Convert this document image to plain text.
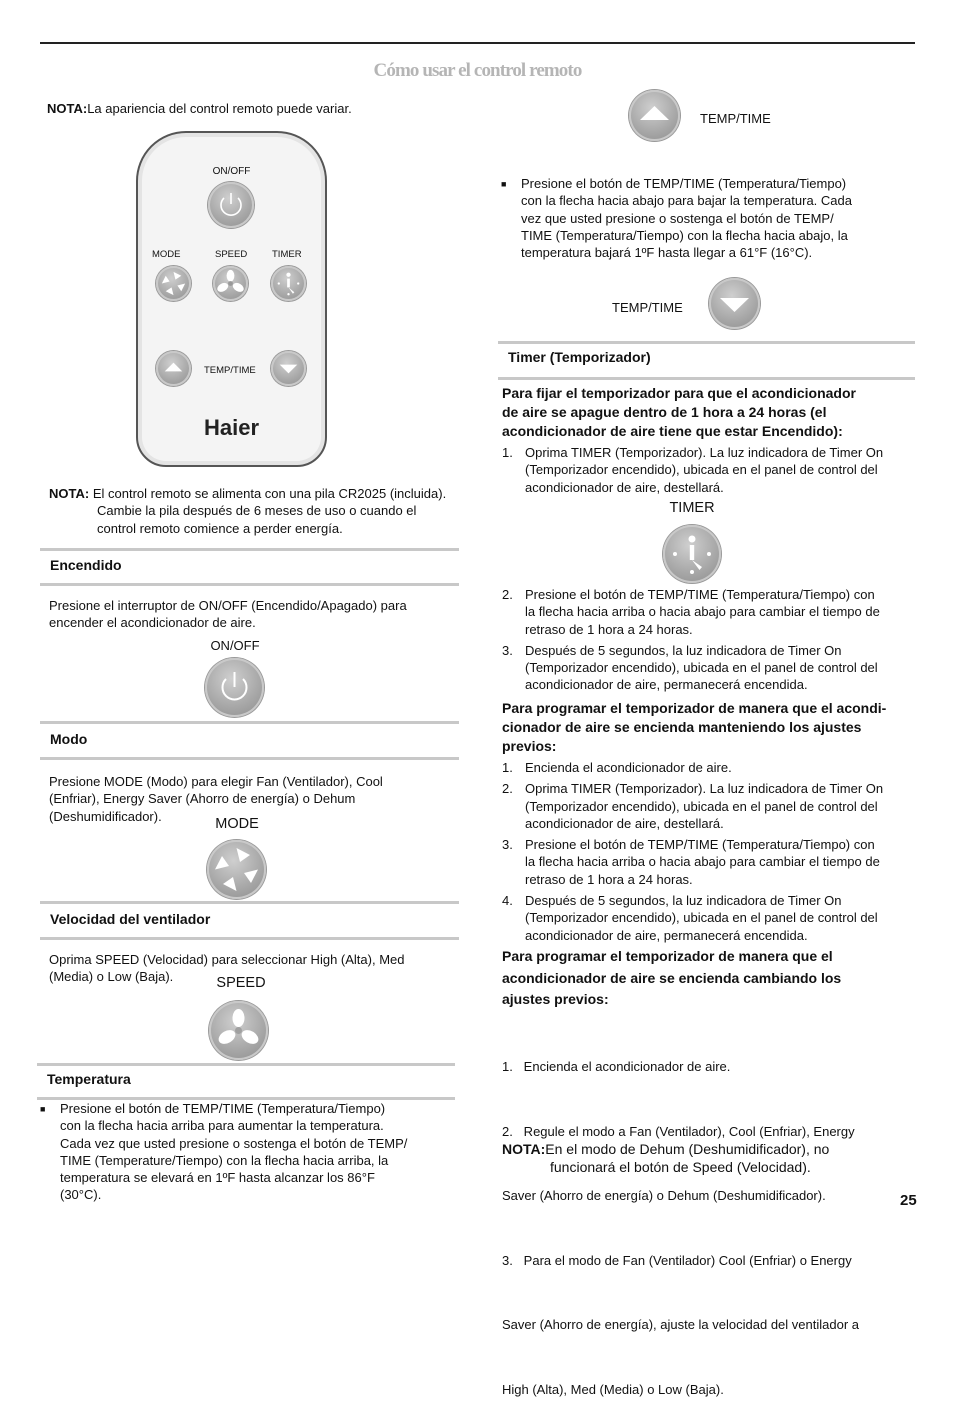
Cómo usar el control remoto
NOTA:La apariencia del control remoto puede variar.
ON/OFF
MODE	SPEED	TIMER
TEMP/TIME
Haier
NOTA: El control remoto se alimenta con una pila CR2025 (incluida).
Cambie la pila después de 6 meses de uso o cuando el
control remoto comience a perder energía.
Encendido
Presione el interruptor de ON/OFF (Encendido/Apagado) para
encender el acondicionador de aire.
ON/OFF
Modo
Presione MODE (Modo) para elegir Fan (Ventilador), Cool
(Enfriar), Energy Saver (Ahorro de energía) o Dehum
(Deshumidificador).	MODE
Velocidad del ventilador
Oprima SPEED (Velocidad) para seleccionar High (Alta), Med
(Media) o Low (Baja).	SPEED
Temperatura
■ Presione el botón de TEMP/TIME (Temperatura/Tiempo)
con la flecha hacia arriba para aumentar la temperatura.
Cada vez que usted presione o sostenga el botón de TEMP/
TIME (Temperature/Tiempo) con la flecha hacia arriba, la
temperatura se elevará en 1ºF hasta alcanzar los 86°F
(30°C).
TEMP/TIME
■ Presione el botón de TEMP/TIME (Temperatura/Tiempo)
con la flecha hacia abajo para bajar la temperatura. Cada
vez que usted presione o sostenga el botón de TEMP/
TIME (Temperatura/Tiempo) con la flecha hacia abajo, la
temperatura bajará 1ºF hasta llegar a 61°F (16°C).
TEMP/TIME
Timer (Temporizador)
Para fijar el temporizador para que el acondicionador
de aire se apague dentro de 1 hora a 24 horas (el
acondicionador de aire tiene que estar Encendido):
1. Oprima TIMER (Temporizador). La luz indicadora de Timer On
(Temporizador encendido), ubicada en el panel de control del
acondicionador de aire, destellará.
TIMER
2. Presione el botón de TEMP/TIME (Temperatura/Tiempo) con
la flecha hacia arriba o hacia abajo para cambiar el tiempo de
retraso de 1 hora a 24 horas.
3. Después de 5 segundos, la luz indicadora de Timer On
(Temporizador encendido), ubicada en el panel de control del
acondicionador de aire, permanecerá encendida.
Para programar el temporizador de manera que el acondi-
cionador de aire se encienda manteniendo los ajustes
previos:
1. Encienda el acondicionador de aire.
2. Oprima TIMER (Temporizador). La luz indicadora de Timer On
(Temporizador encendido), ubicada en el panel de control del
acondicionador de aire, destellará.
3. Presione el botón de TEMP/TIME (Temperatura/Tiempo) con
la flecha hacia arriba o hacia abajo para cambiar el tiempo de
retraso de 1 hora a 24 horas.
4. Después de 5 segundos, la luz indicadora de Timer On
(Temporizador encendido), ubicada en el panel de control del
acondicionador de aire, permanecerá encendida.
Para programar el temporizador de manera que el
acondicionador de aire se encienda cambiando los
ajustes previos:

1.   Encienda el acondicionador de aire.

2.   Regule el modo a Fan (Ventilador), Cool (Enfriar), Energy

Saver (Ahorro de energía) o Dehum (Deshumidificador).

3.   Para el modo de Fan (Ventilador) Cool (Enfriar) o Energy

Saver (Ahorro de energía), ajuste la velocidad del ventilador a

High (Alta), Med (Media) o Low (Baja).

NOTA:En el modo de Dehum (Deshumidificador), no
funcionará el botón de Speed (Velocidad).
25
